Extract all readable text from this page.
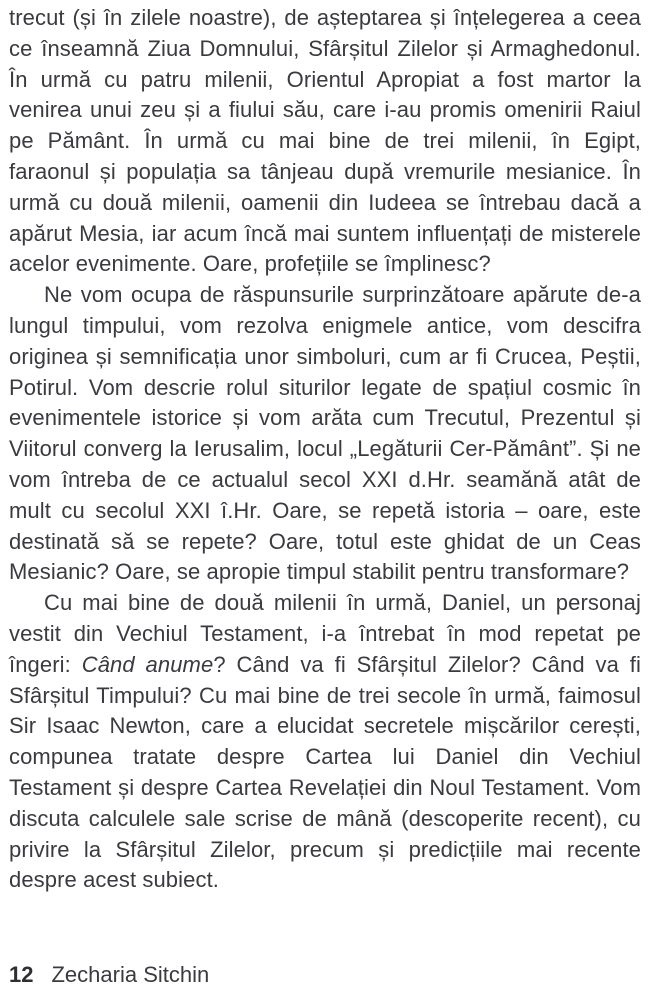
trecut (și în zilele noastre), de așteptarea și înțelegerea a ceea ce înseamnă Ziua Domnului, Sfârșitul Zilelor și Armaghedonul. În urmă cu patru milenii, Orientul Apropiat a fost martor la venirea unui zeu și a fiului său, care i-au promis omenirii Raiul pe Pământ. În urmă cu mai bine de trei milenii, în Egipt, faraonul și populația sa tânjeau după vremurile mesianice. În urmă cu două milenii, oamenii din Iudeea se întrebau dacă a apărut Mesia, iar acum încă mai suntem influențați de misterele acelor evenimente. Oare, profețiile se împlinesc?

Ne vom ocupa de răspunsurile surprinzătoare apărute de-a lungul timpului, vom rezolva enigmele antice, vom descifra originea și semnificația unor simboluri, cum ar fi Crucea, Peștii, Potirul. Vom descrie rolul siturilor legate de spațiul cosmic în evenimentele istorice și vom arăta cum Trecutul, Prezentul și Viitorul converg la Ierusalim, locul „Legăturii Cer-Pământ”. Și ne vom întreba de ce actualul secol XXI d.Hr. seamănă atât de mult cu secolul XXI î.Hr. Oare, se repetă istoria – oare, este destinată să se repete? Oare, totul este ghidat de un Ceas Mesianic? Oare, se apropie timpul stabilit pentru transformare?

Cu mai bine de două milenii în urmă, Daniel, un personaj vestit din Vechiul Testament, i-a întrebat în mod repetat pe îngeri: Când anume? Când va fi Sfârșitul Zilelor? Când va fi Sfârșitul Timpului? Cu mai bine de trei secole în urmă, faimosul Sir Isaac Newton, care a elucidat secretele mișcărilor cerești, compunea tratate despre Cartea lui Daniel din Vechiul Testament și despre Cartea Revelației din Noul Testament. Vom discuta calculele sale scrise de mână (descoperite recent), cu privire la Sfârșitul Zilelor, precum și predicțiile mai recente despre acest subiect.

12 Zecharia Sitchin
